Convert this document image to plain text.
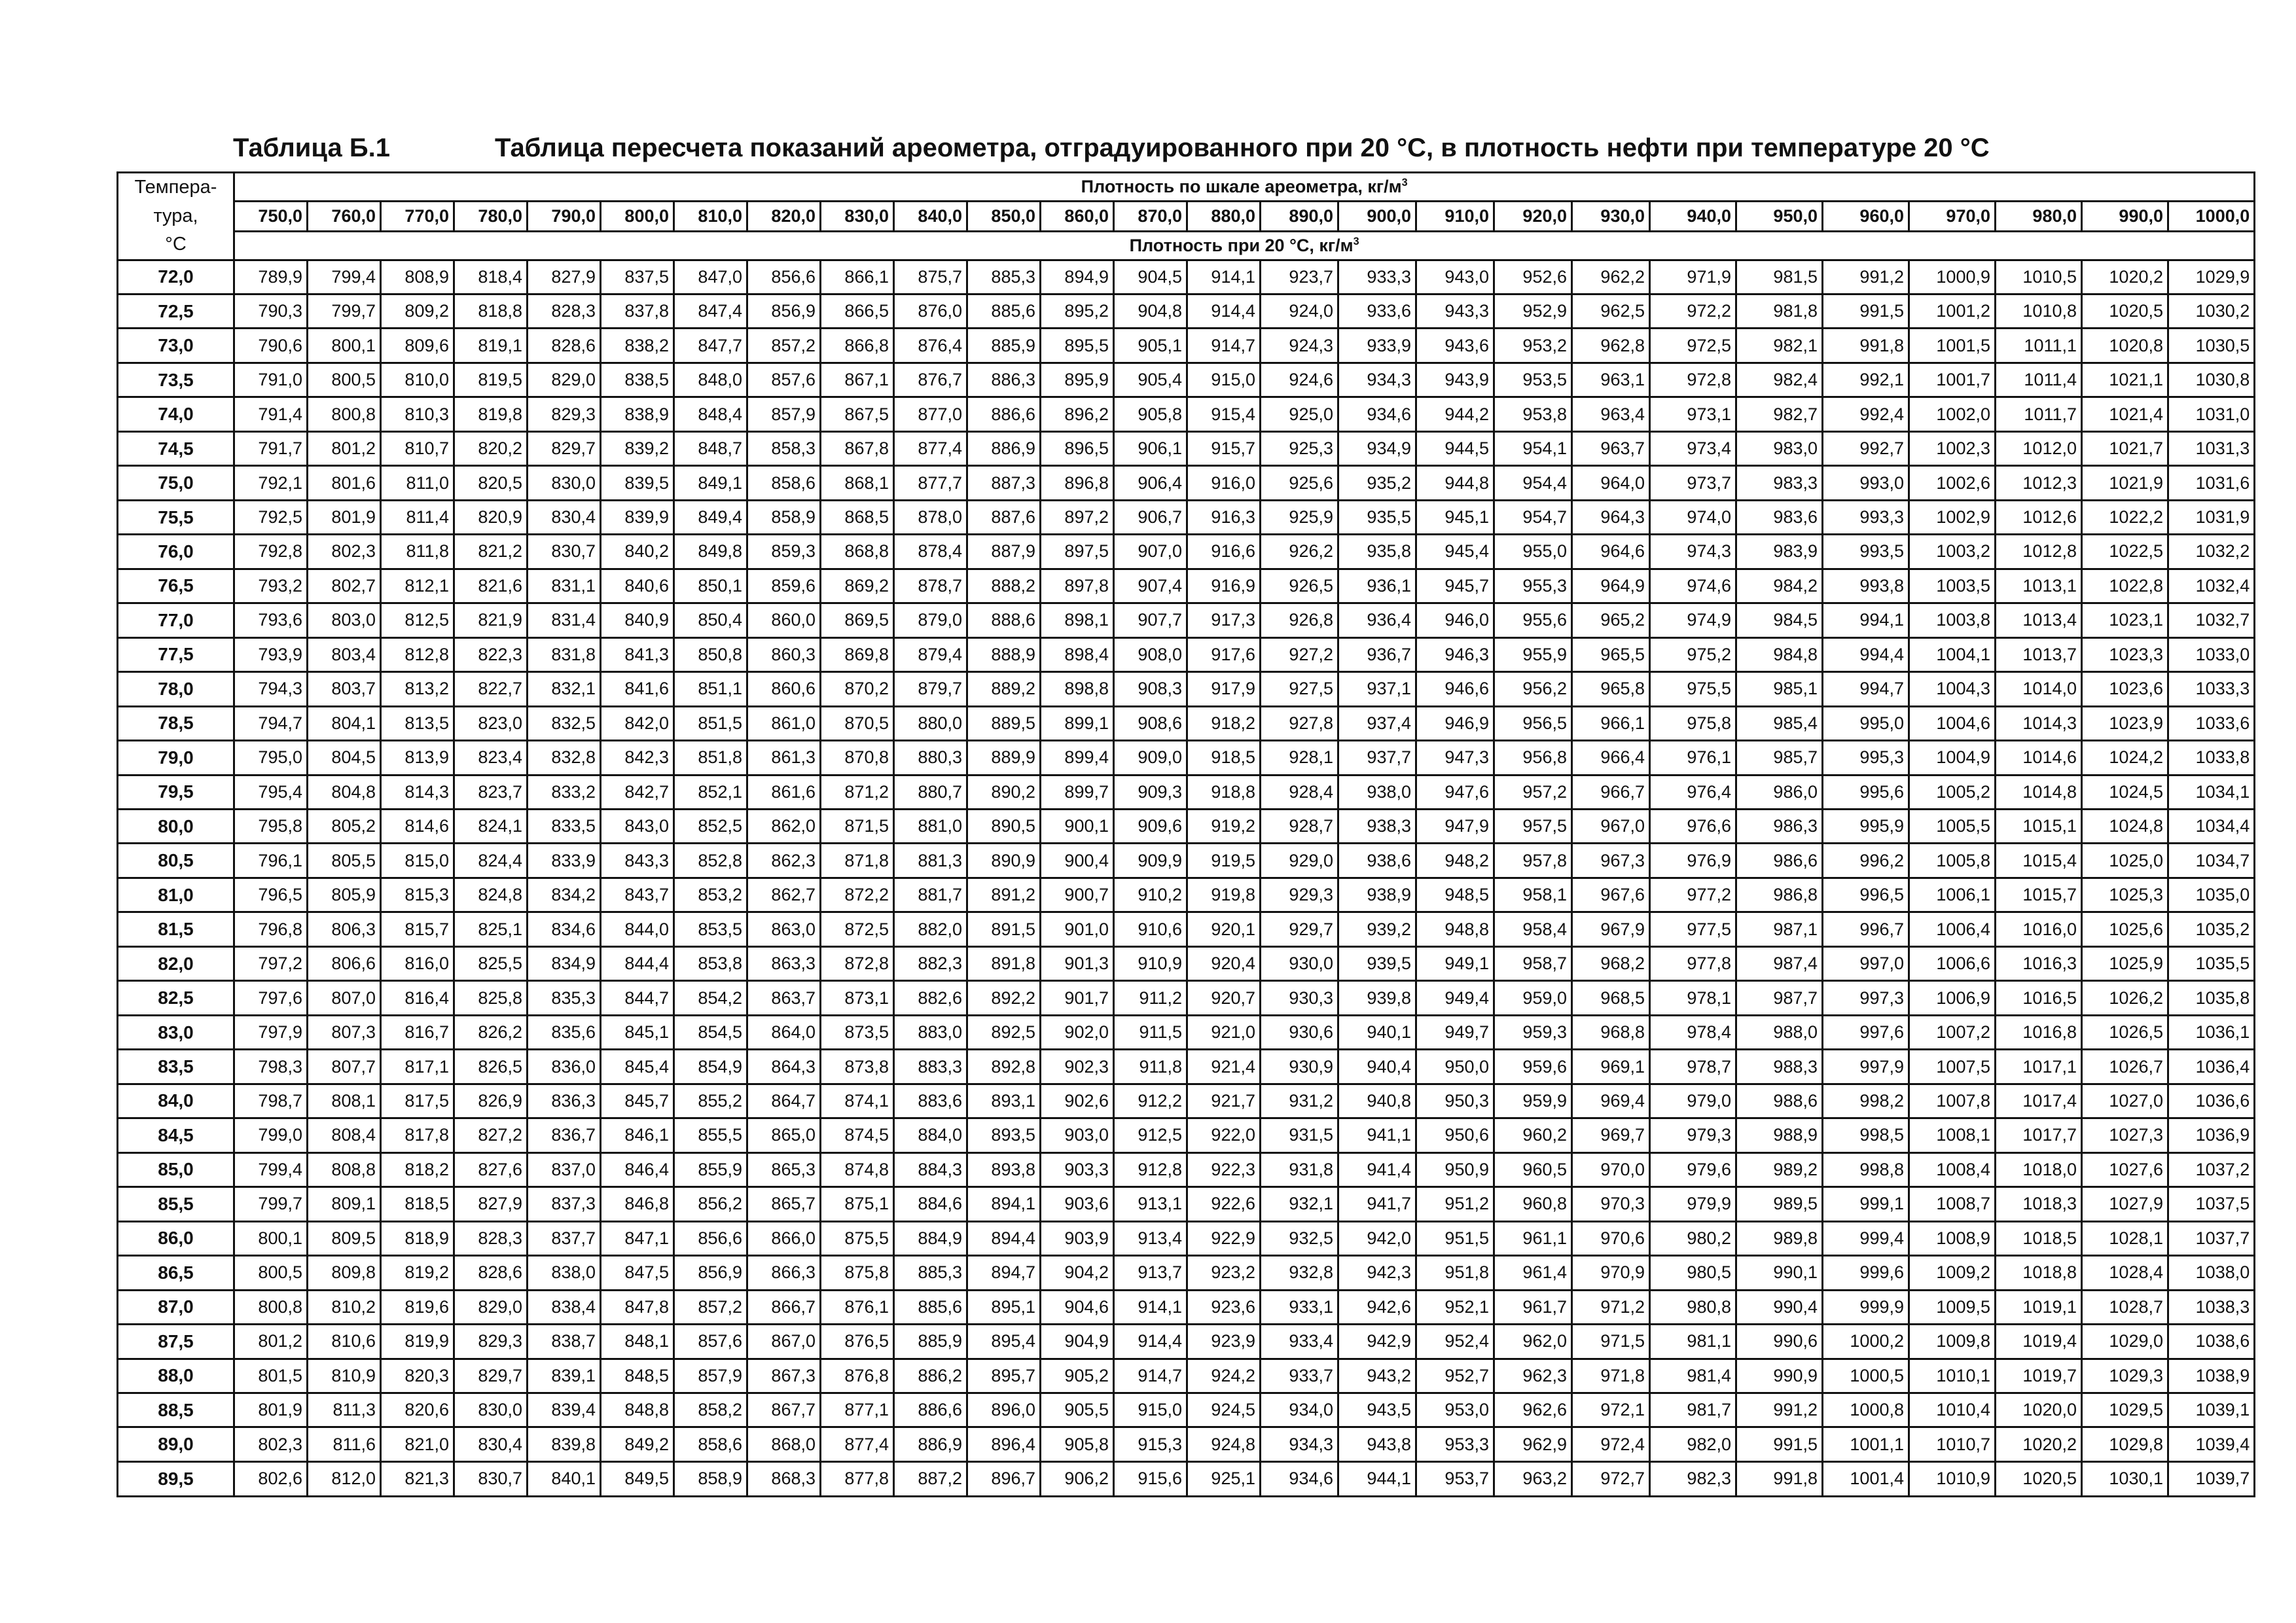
Таблица Б.1	Таблица пересчета показаний ареометра, отградуированного при 20 °С, в плотность нефти при температуре 20 °С
Темпера-
тура,
°С	Плотность по шкале ареометра, $кг/м^3$
	750,0	760,0	770,0	780,0	790,0	800,0	810,0	820,0	830,0	840,0	850,0	860,0	870,0	880,0	890,0	900,0	910,0	920,0	930,0	940,0	950,0	960,0	970,0	980,0	990,0	1000,0
	Плотность при 20 °С, $кг/м^3$
72,0	789,9	799,4	808,9	818,4	827,9	837,5	847,0	856,6	866,1	875,7	885,3	894,9	904,5	914,1	923,7	933,3	943,0	952,6	962,2	971,9	981,5	991,2	1000,9	1010,5	1020,2	1029,9
72,5	790,3	799,7	809,2	818,8	828,3	837,8	847,4	856,9	866,5	876,0	885,6	895,2	904,8	914,4	924,0	933,6	943,3	952,9	962,5	972,2	981,8	991,5	1001,2	1010,8	1020,5	1030,2
73,0	790,6	800,1	809,6	819,1	828,6	838,2	847,7	857,2	866,8	876,4	885,9	895,5	905,1	914,7	924,3	933,9	943,6	953,2	962,8	972,5	982,1	991,8	1001,5	1011,1	1020,8	1030,5
73,5	791,0	800,5	810,0	819,5	829,0	838,5	848,0	857,6	867,1	876,7	886,3	895,9	905,4	915,0	924,6	934,3	943,9	953,5	963,1	972,8	982,4	992,1	1001,7	1011,4	1021,1	1030,8
74,0	791,4	800,8	810,3	819,8	829,3	838,9	848,4	857,9	867,5	877,0	886,6	896,2	905,8	915,4	925,0	934,6	944,2	953,8	963,4	973,1	982,7	992,4	1002,0	1011,7	1021,4	1031,0
74,5	791,7	801,2	810,7	820,2	829,7	839,2	848,7	858,3	867,8	877,4	886,9	896,5	906,1	915,7	925,3	934,9	944,5	954,1	963,7	973,4	983,0	992,7	1002,3	1012,0	1021,7	1031,3
75,0	792,1	801,6	811,0	820,5	830,0	839,5	849,1	858,6	868,1	877,7	887,3	896,8	906,4	916,0	925,6	935,2	944,8	954,4	964,0	973,7	983,3	993,0	1002,6	1012,3	1021,9	1031,6
75,5	792,5	801,9	811,4	820,9	830,4	839,9	849,4	858,9	868,5	878,0	887,6	897,2	906,7	916,3	925,9	935,5	945,1	954,7	964,3	974,0	983,6	993,3	1002,9	1012,6	1022,2	1031,9
76,0	792,8	802,3	811,8	821,2	830,7	840,2	849,8	859,3	868,8	878,4	887,9	897,5	907,0	916,6	926,2	935,8	945,4	955,0	964,6	974,3	983,9	993,5	1003,2	1012,8	1022,5	1032,2
76,5	793,2	802,7	812,1	821,6	831,1	840,6	850,1	859,6	869,2	878,7	888,2	897,8	907,4	916,9	926,5	936,1	945,7	955,3	964,9	974,6	984,2	993,8	1003,5	1013,1	1022,8	1032,4
77,0	793,6	803,0	812,5	821,9	831,4	840,9	850,4	860,0	869,5	879,0	888,6	898,1	907,7	917,3	926,8	936,4	946,0	955,6	965,2	974,9	984,5	994,1	1003,8	1013,4	1023,1	1032,7
77,5	793,9	803,4	812,8	822,3	831,8	841,3	850,8	860,3	869,8	879,4	888,9	898,4	908,0	917,6	927,2	936,7	946,3	955,9	965,5	975,2	984,8	994,4	1004,1	1013,7	1023,3	1033,0
78,0	794,3	803,7	813,2	822,7	832,1	841,6	851,1	860,6	870,2	879,7	889,2	898,8	908,3	917,9	927,5	937,1	946,6	956,2	965,8	975,5	985,1	994,7	1004,3	1014,0	1023,6	1033,3
78,5	794,7	804,1	813,5	823,0	832,5	842,0	851,5	861,0	870,5	880,0	889,5	899,1	908,6	918,2	927,8	937,4	946,9	956,5	966,1	975,8	985,4	995,0	1004,6	1014,3	1023,9	1033,6
79,0	795,0	804,5	813,9	823,4	832,8	842,3	851,8	861,3	870,8	880,3	889,9	899,4	909,0	918,5	928,1	937,7	947,3	956,8	966,4	976,1	985,7	995,3	1004,9	1014,6	1024,2	1033,8
79,5	795,4	804,8	814,3	823,7	833,2	842,7	852,1	861,6	871,2	880,7	890,2	899,7	909,3	918,8	928,4	938,0	947,6	957,2	966,7	976,4	986,0	995,6	1005,2	1014,8	1024,5	1034,1
80,0	795,8	805,2	814,6	824,1	833,5	843,0	852,5	862,0	871,5	881,0	890,5	900,1	909,6	919,2	928,7	938,3	947,9	957,5	967,0	976,6	986,3	995,9	1005,5	1015,1	1024,8	1034,4
80,5	796,1	805,5	815,0	824,4	833,9	843,3	852,8	862,3	871,8	881,3	890,9	900,4	909,9	919,5	929,0	938,6	948,2	957,8	967,3	976,9	986,6	996,2	1005,8	1015,4	1025,0	1034,7
81,0	796,5	805,9	815,3	824,8	834,2	843,7	853,2	862,7	872,2	881,7	891,2	900,7	910,2	919,8	929,3	938,9	948,5	958,1	967,6	977,2	986,8	996,5	1006,1	1015,7	1025,3	1035,0
81,5	796,8	806,3	815,7	825,1	834,6	844,0	853,5	863,0	872,5	882,0	891,5	901,0	910,6	920,1	929,7	939,2	948,8	958,4	967,9	977,5	987,1	996,7	1006,4	1016,0	1025,6	1035,2
82,0	797,2	806,6	816,0	825,5	834,9	844,4	853,8	863,3	872,8	882,3	891,8	901,3	910,9	920,4	930,0	939,5	949,1	958,7	968,2	977,8	987,4	997,0	1006,6	1016,3	1025,9	1035,5
82,5	797,6	807,0	816,4	825,8	835,3	844,7	854,2	863,7	873,1	882,6	892,2	901,7	911,2	920,7	930,3	939,8	949,4	959,0	968,5	978,1	987,7	997,3	1006,9	1016,5	1026,2	1035,8
83,0	797,9	807,3	816,7	826,2	835,6	845,1	854,5	864,0	873,5	883,0	892,5	902,0	911,5	921,0	930,6	940,1	949,7	959,3	968,8	978,4	988,0	997,6	1007,2	1016,8	1026,5	1036,1
83,5	798,3	807,7	817,1	826,5	836,0	845,4	854,9	864,3	873,8	883,3	892,8	902,3	911,8	921,4	930,9	940,4	950,0	959,6	969,1	978,7	988,3	997,9	1007,5	1017,1	1026,7	1036,4
84,0	798,7	808,1	817,5	826,9	836,3	845,7	855,2	864,7	874,1	883,6	893,1	902,6	912,2	921,7	931,2	940,8	950,3	959,9	969,4	979,0	988,6	998,2	1007,8	1017,4	1027,0	1036,6
84,5	799,0	808,4	817,8	827,2	836,7	846,1	855,5	865,0	874,5	884,0	893,5	903,0	912,5	922,0	931,5	941,1	950,6	960,2	969,7	979,3	988,9	998,5	1008,1	1017,7	1027,3	1036,9
85,0	799,4	808,8	818,2	827,6	837,0	846,4	855,9	865,3	874,8	884,3	893,8	903,3	912,8	922,3	931,8	941,4	950,9	960,5	970,0	979,6	989,2	998,8	1008,4	1018,0	1027,6	1037,2
85,5	799,7	809,1	818,5	827,9	837,3	846,8	856,2	865,7	875,1	884,6	894,1	903,6	913,1	922,6	932,1	941,7	951,2	960,8	970,3	979,9	989,5	999,1	1008,7	1018,3	1027,9	1037,5
86,0	800,1	809,5	818,9	828,3	837,7	847,1	856,6	866,0	875,5	884,9	894,4	903,9	913,4	922,9	932,5	942,0	951,5	961,1	970,6	980,2	989,8	999,4	1008,9	1018,5	1028,1	1037,7
86,5	800,5	809,8	819,2	828,6	838,0	847,5	856,9	866,3	875,8	885,3	894,7	904,2	913,7	923,2	932,8	942,3	951,8	961,4	970,9	980,5	990,1	999,6	1009,2	1018,8	1028,4	1038,0
87,0	800,8	810,2	819,6	829,0	838,4	847,8	857,2	866,7	876,1	885,6	895,1	904,6	914,1	923,6	933,1	942,6	952,1	961,7	971,2	980,8	990,4	999,9	1009,5	1019,1	1028,7	1038,3
87,5	801,2	810,6	819,9	829,3	838,7	848,1	857,6	867,0	876,5	885,9	895,4	904,9	914,4	923,9	933,4	942,9	952,4	962,0	971,5	981,1	990,6	1000,2	1009,8	1019,4	1029,0	1038,6
88,0	801,5	810,9	820,3	829,7	839,1	848,5	857,9	867,3	876,8	886,2	895,7	905,2	914,7	924,2	933,7	943,2	952,7	962,3	971,8	981,4	990,9	1000,5	1010,1	1019,7	1029,3	1038,9
88,5	801,9	811,3	820,6	830,0	839,4	848,8	858,2	867,7	877,1	886,6	896,0	905,5	915,0	924,5	934,0	943,5	953,0	962,6	972,1	981,7	991,2	1000,8	1010,4	1020,0	1029,5	1039,1
89,0	802,3	811,6	821,0	830,4	839,8	849,2	858,6	868,0	877,4	886,9	896,4	905,8	915,3	924,8	934,3	943,8	953,3	962,9	972,4	982,0	991,5	1001,1	1010,7	1020,2	1029,8	1039,4
89,5	802,6	812,0	821,3	830,7	840,1	849,5	858,9	868,3	877,8	887,2	896,7	906,2	915,6	925,1	934,6	944,1	953,7	963,2	972,7	982,3	991,8	1001,4	1010,9	1020,5	1030,1	1039,7
